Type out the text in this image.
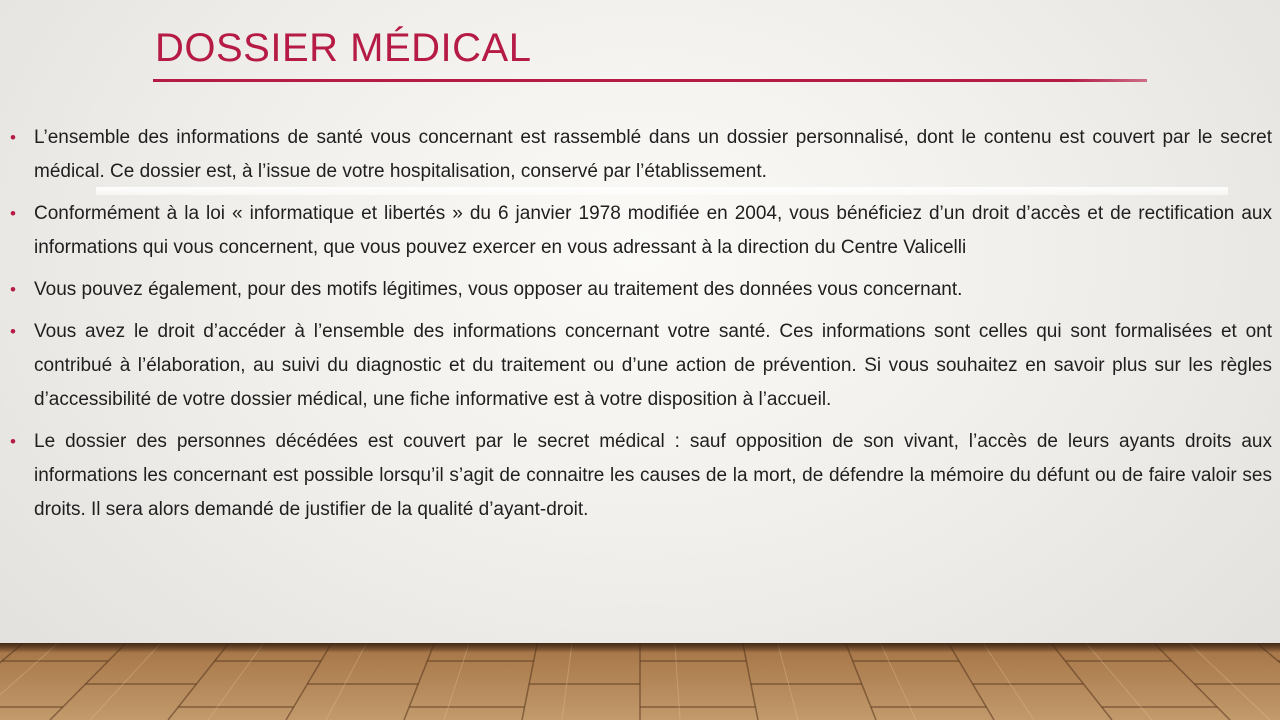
DOSSIER MÉDICAL
• L’ensemble des informations de santé vous concernant est rassemblé dans un dossier personnalisé, dont le contenu est couvert par le secret médical. Ce dossier est, à l’issue de votre hospitalisation, conservé par l’établissement.
• Conformément à la loi « informatique et libertés » du 6 janvier 1978 modifiée en 2004, vous bénéficiez d’un droit d’accès et de rectification aux informations qui vous concernent, que vous pouvez exercer en vous adressant à la direction du Centre Valicelli
• Vous pouvez également, pour des motifs légitimes, vous opposer au traitement des données vous concernant.
• Vous avez le droit d’accéder à l’ensemble des informations concernant votre santé. Ces informations sont celles qui sont formalisées et ont contribué à l’élaboration, au suivi du diagnostic et du traitement ou d’une action de prévention. Si vous souhaitez en savoir plus sur les règles d’accessibilité de votre dossier médical, une fiche informative est à votre disposition à l’accueil.
• Le dossier des personnes décédées est couvert par le secret médical : sauf opposition de son vivant, l’accès de leurs ayants droits aux informations les concernant est possible lorsqu’il s’agit de connaitre les causes de la mort, de défendre la mémoire du défunt ou de faire valoir ses droits. Il sera alors demandé de justifier de la qualité d’ayant-droit.
